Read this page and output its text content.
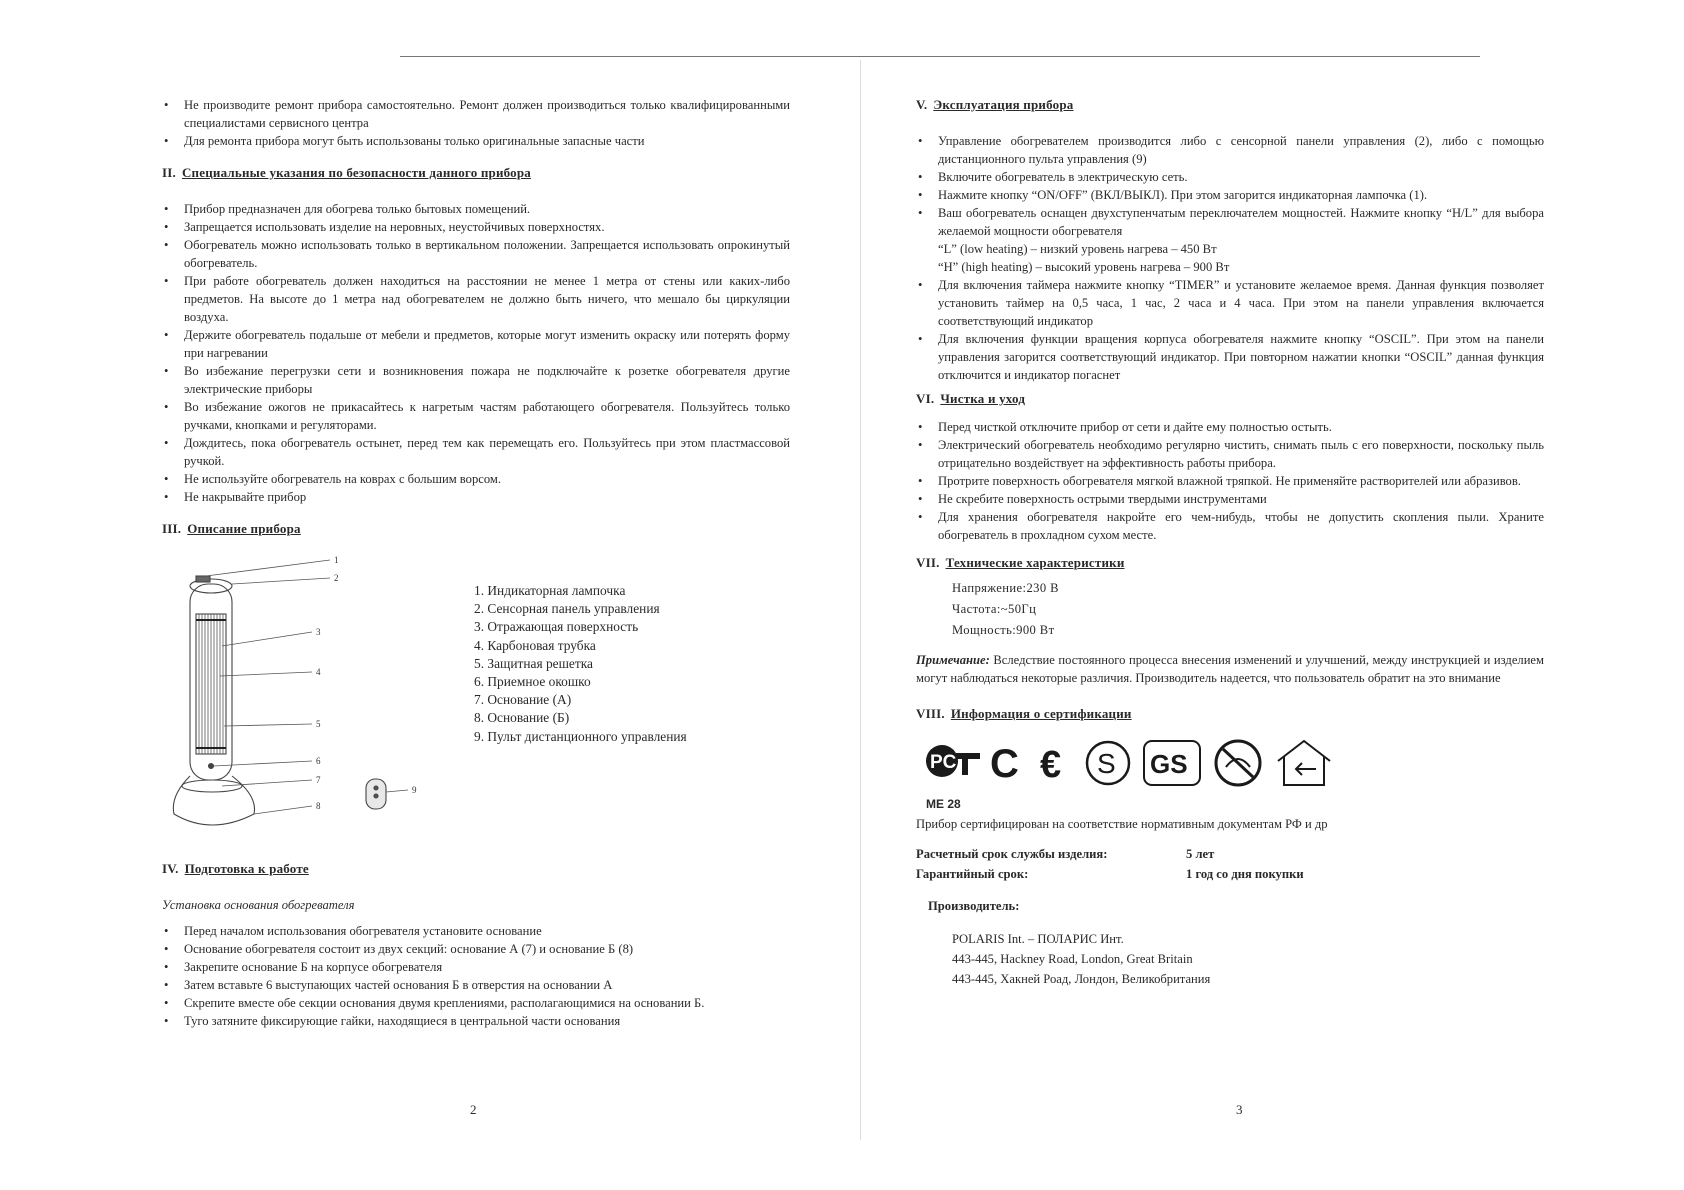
• Не производите ремонт прибора самостоятельно. Ремонт должен производиться только квалифицированными специалистами сервисного центра
• Для ремонта прибора могут быть использованы только оригинальные запасные части
II. Специальные указания по безопасности данного прибора
• Прибор предназначен для обогрева только бытовых помещений.
• Запрещается использовать изделие на неровных, неустойчивых поверхностях.
• Обогреватель можно использовать только в вертикальном положении. Запрещается использовать опрокинутый обогреватель.
• При работе обогреватель должен находиться на расстоянии не менее 1 метра от стены или каких-либо предметов. На высоте до 1 метра над обогревателем не должно быть ничего, что мешало бы циркуляции воздуха.
• Держите обогреватель подальше от мебели и предметов, которые могут изменить окраску или потерять форму при нагревании
• Во избежание перегрузки сети и возникновения пожара не подключайте к розетке обогревателя другие электрические приборы
• Во избежание ожогов не прикасайтесь к нагретым частям работающего обогревателя. Пользуйтесь только ручками, кнопками и регуляторами.
• Дождитесь, пока обогреватель остынет, перед тем как перемещать его. Пользуйтесь при этом пластмассовой ручкой.
• Не используйте обогреватель на коврах с большим ворсом.
• Не накрывайте прибор
III. Описание прибора
1
2
3
4
5
6
7
8
9
1. Индикаторная лампочка
2. Сенсорная панель управления
3. Отражающая поверхность
4. Карбоновая трубка
5. Защитная решетка
6. Приемное окошко
7. Основание (А)
8. Основание (Б)
9. Пульт дистанционного управления
IV. Подготовка к работе
Установка основания обогревателя
• Перед началом использования обогревателя установите основание
• Основание обогревателя состоит из двух секций: основание А (7) и основание Б (8)
• Закрепите основание Б на корпусе обогревателя
• Затем вставьте 6 выступающих частей основания Б в отверстия на основании А
• Скрепите вместе обе секции основания двумя креплениями, располагающимися на основании Б.
• Туго затяните фиксирующие гайки, находящиеся в центральной части основания
2
V. Эксплуатация прибора
• Управление обогревателем производится либо с сенсорной панели управления (2), либо с помощью дистанционного пульта управления (9)
• Включите обогреватель в электрическую сеть.
• Нажмите кнопку “ON/OFF” (ВКЛ/ВЫКЛ). При этом загорится индикаторная лампочка (1).
• Ваш обогреватель оснащен двухступенчатым переключателем мощностей. Нажмите кнопку “H/L” для выбора желаемой мощности обогревателя
“L” (low heating) – низкий уровень нагрева – 450 Вт
“H” (high heating) – высокий уровень нагрева – 900 Вт
• Для включения таймера нажмите кнопку “TIMER” и установите желаемое время. Данная функция позволяет установить таймер на 0,5 часа, 1 час, 2 часа и 4 часа. При этом на панели управления включается соответствующий индикатор
• Для включения функции вращения корпуса обогревателя нажмите кнопку “OSCIL”. При этом на панели управления загорится соответствующий индикатор. При повторном нажатии кнопки “OSCIL” данная функция отключится и индикатор погаснет
VI. Чистка и уход
• Перед чисткой отключите прибор от сети и дайте ему полностью остыть.
• Электрический обогреватель необходимо регулярно чистить, снимать пыль с его поверхности, поскольку пыль отрицательно воздействует на эффективность работы прибора.
• Протрите поверхность обогревателя мягкой влажной тряпкой. Не применяйте растворителей или абразивов.
• Не скребите поверхность острыми твердыми инструментами
• Для хранения обогревателя накройте его чем-нибудь, чтобы не допустить скопления пыли. Храните обогреватель в прохладном сухом месте.
VII. Технические характеристики
Напряжение:230 В
Частота:~50Гц
Мощность:900 Вт
Примечание: Вследствие постоянного процесса внесения изменений и улучшений, между инструкцией и изделием могут наблюдаться некоторые различия. Производитель надеется, что пользователь обратит на это внимание
VIII. Информация о сертификации
PC C € S GS
ME 28
Прибор сертифицирован на соответствие нормативным документам РФ и др
Расчетный срок службы изделия:	5 лет
Гарантийный срок:	1 год со дня покупки
Производитель:
POLARIS Int. – ПОЛАРИС Инт.
443-445, Hackney Road, London, Great Britain
443-445, Хакней Роад, Лондон, Великобритания
3
